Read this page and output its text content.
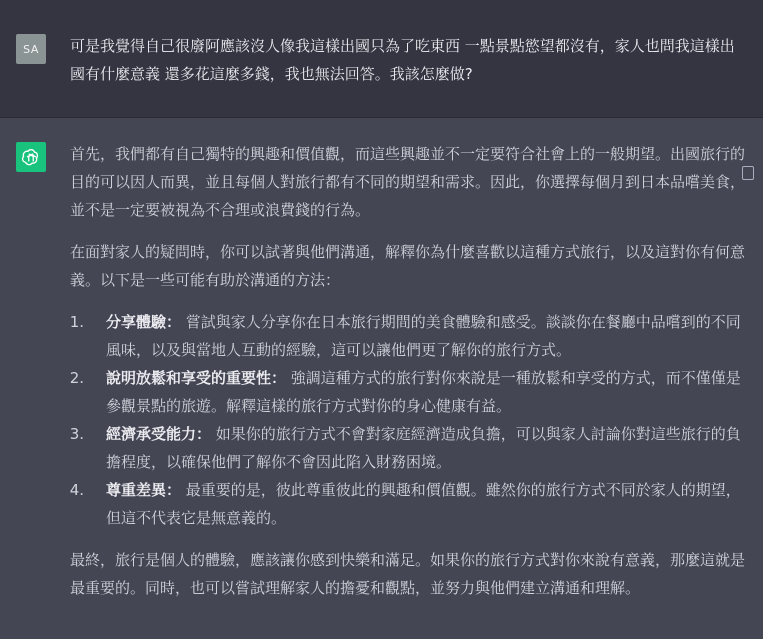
SA	可是我覺得自己很廢阿應該沒人像我這樣出國只為了吃東西 一點景點慾望都沒有，家人也問我這樣出國有什麼意義 還多花這麼多錢，我也無法回答。我該怎麼做?

首先，我們都有自己獨特的興趣和價值觀，而這些興趣並不一定要符合社會上的一般期望。出國旅行的目的可以因人而異，並且每個人對旅行都有不同的期望和需求。因此，你選擇每個月到日本品嚐美食，並不是一定要被視為不合理或浪費錢的行為。

在面對家人的疑問時，你可以試著與他們溝通，解釋你為什麼喜歡以這種方式旅行，以及這對你有何意義。以下是一些可能有助於溝通的方法：

1. 分享體驗： 嘗試與家人分享你在日本旅行期間的美食體驗和感受。談談你在餐廳中品嚐到的不同風味，以及與當地人互動的經驗，這可以讓他們更了解你的旅行方式。
2. 說明放鬆和享受的重要性： 強調這種方式的旅行對你來說是一種放鬆和享受的方式，而不僅僅是參觀景點的旅遊。解釋這樣的旅行方式對你的身心健康有益。
3. 經濟承受能力： 如果你的旅行方式不會對家庭經濟造成負擔，可以與家人討論你對這些旅行的負擔程度，以確保他們了解你不會因此陷入財務困境。
4. 尊重差異： 最重要的是，彼此尊重彼此的興趣和價值觀。雖然你的旅行方式不同於家人的期望，但這不代表它是無意義的。

最終，旅行是個人的體驗，應該讓你感到快樂和滿足。如果你的旅行方式對你來說有意義，那麼這就是最重要的。同時，也可以嘗試理解家人的擔憂和觀點，並努力與他們建立溝通和理解。
